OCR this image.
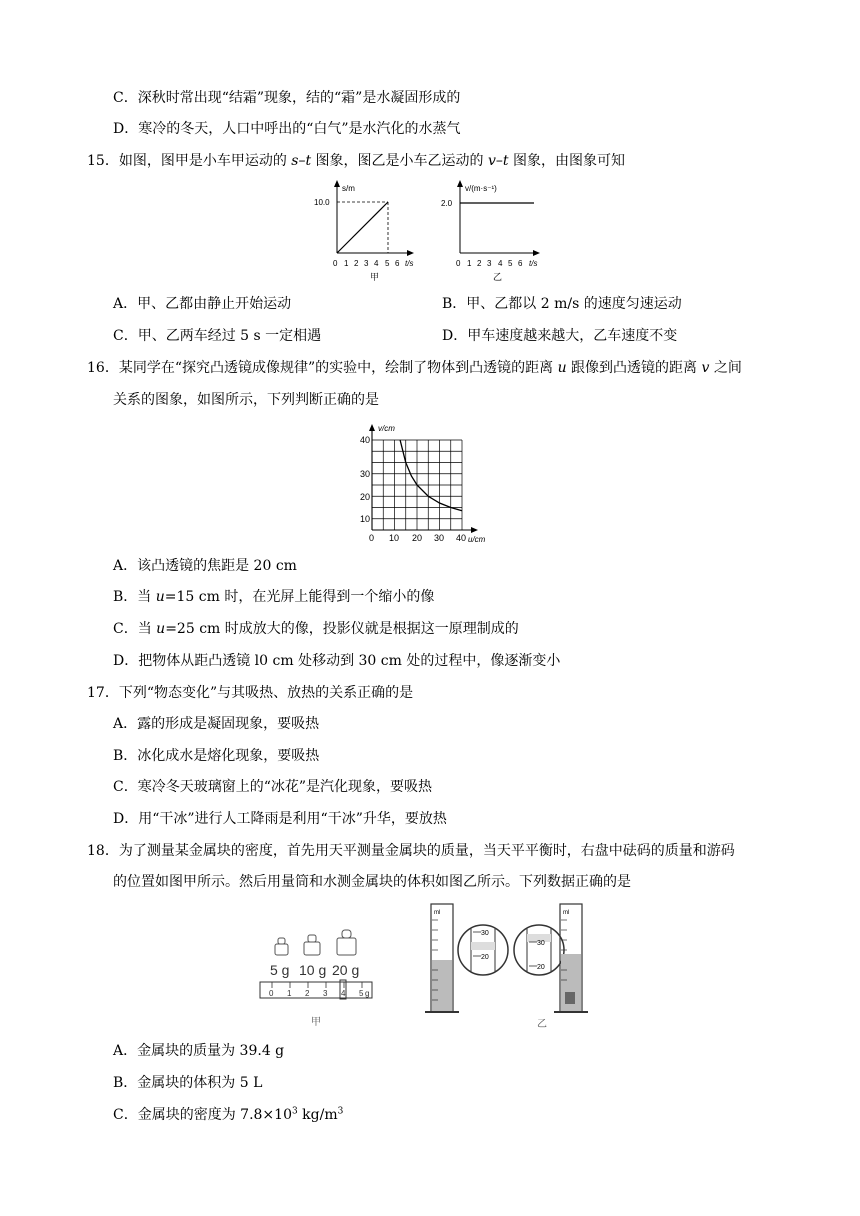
C．深秋时常出现“结霜”现象，结的“霜”是水凝固形成的
D．寒冷的冬天，人口中呼出的“白气”是水汽化的水蒸气
15．如图，图甲是小车甲运动的 s–t 图象，图乙是小车乙运动的 v–t 图象，由图象可知
s/m
10.0
0 1 2 3 4 5 6 t/s
甲
v/(m·s⁻¹)
2.0
0 1 2 3 4 5 6 t/s
乙
A．甲、乙都由静止开始运动	B．甲、乙都以 2 m/s 的速度匀速运动
C．甲、乙两车经过 5 s 一定相遇	D．甲车速度越来越大，乙车速度不变
16．某同学在“探究凸透镜成像规律”的实验中，绘制了物体到凸透镜的距离 u 跟像到凸透镜的距离 v 之间
关系的图象，如图所示，下列判断正确的是
v/cm
10
20
30
40
0 10 20 30 40 u/cm
A．该凸透镜的焦距是 20 cm
B．当 u=15 cm 时，在光屏上能得到一个缩小的像
C．当 u=25 cm 时成放大的像，投影仪就是根据这一原理制成的
D．把物体从距凸透镜 l0 cm 处移动到 30 cm 处的过程中，像逐渐变小
17．下列“物态变化”与其吸热、放热的关系正确的是
A．露的形成是凝固现象，要吸热
B．冰化成水是熔化现象，要吸热
C．寒冷冬天玻璃窗上的“冰花”是汽化现象，要吸热
D．用“干冰”进行人工降雨是利用“干冰”升华，要放热
18．为了测量某金属块的密度，首先用天平测量金属块的质量，当天平平衡时，右盘中砝码的质量和游码
的位置如图甲所示。然后用量筒和水测金属块的体积如图乙所示。下列数据正确的是
5 g 10 g 20 g
0 1 2 3 4 5 g
甲
ml
30
20
30
20
ml
乙
A．金属块的质量为 39.4 g
B．金属块的体积为 5 L
C．金属块的密度为 $7.8\times 10^3$ $kg/m^3$
